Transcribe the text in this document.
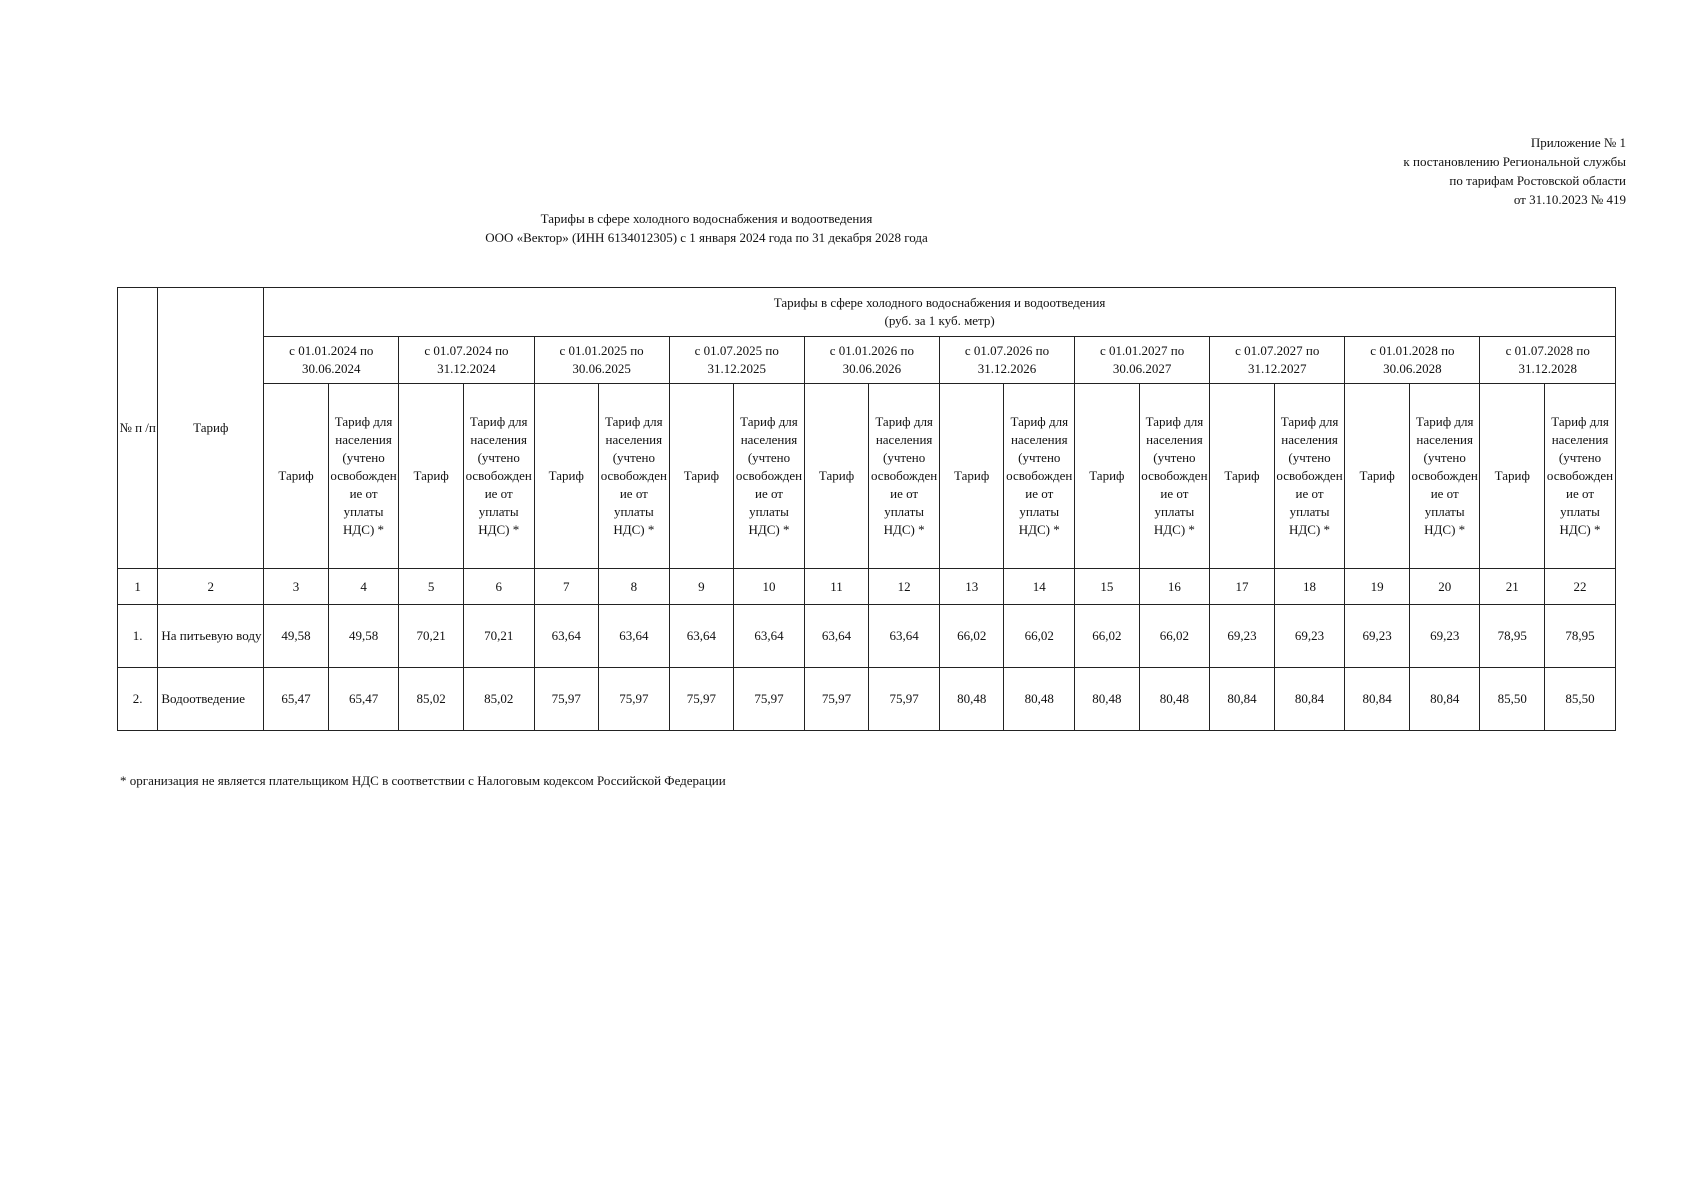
Приложение № 1
к постановлению Региональной службы
по тарифам Ростовской области
от 31.10.2023 № 419
Тарифы в сфере холодного водоснабжения и водоотведения
ООО «Вектор» (ИНН 6134012305) с 1 января 2024 года по 31 декабря 2028 года
№ п /п	Тариф	Тарифы в сфере холодного водоснабжения и водоотведения
(руб. за 1 куб. метр)																			

		с 01.01.2024 по 30.06.2024		с 01.07.2024 по 31.12.2024		с 01.01.2025 по 30.06.2025		с 01.07.2025 по 31.12.2025		с 01.01.2026 по 30.06.2026		с 01.07.2026 по 31.12.2026		с 01.01.2027 по 30.06.2027		с 01.07.2027 по 31.12.2027		с 01.01.2028 по 30.06.2028		с 01.07.2028 по 31.12.2028	
		Тариф	Тариф для населения (учтено освобождение от уплаты НДС) *	Тариф	Тариф для населения (учтено освобождение от уплаты НДС) *	Тариф	Тариф для населения (учтено освобождение от уплаты НДС) *	Тариф	Тариф для населения (учтено освобождение от уплаты НДС) *	Тариф	Тариф для населения (учтено освобождение от уплаты НДС) *	Тариф	Тариф для населения (учтено освобождение от уплаты НДС) *	Тариф	Тариф для населения (учтено освобождение от уплаты НДС) *	Тариф	Тариф для населения (учтено освобождение от уплаты НДС) *	Тариф	Тариф для населения (учтено освобождение от уплаты НДС) *	Тариф	Тариф для населения (учтено освобождение от уплаты НДС) *
1	2	3	4	5	6	7	8	9	10	11	12	13	14	15	16	17	18	19	20	21	22
1.	На питьевую воду	49,58	49,58	70,21	70,21	63,64	63,64	63,64	63,64	63,64	63,64	66,02	66,02	66,02	66,02	69,23	69,23	69,23	69,23	78,95	78,95
2.	Водоотведение	65,47	65,47	85,02	85,02	75,97	75,97	75,97	75,97	75,97	75,97	80,48	80,48	80,48	80,48	80,84	80,84	80,84	80,84	85,50	85,50
* организация не является плательщиком НДС в соответствии с Налоговым кодексом Российской Федерации
